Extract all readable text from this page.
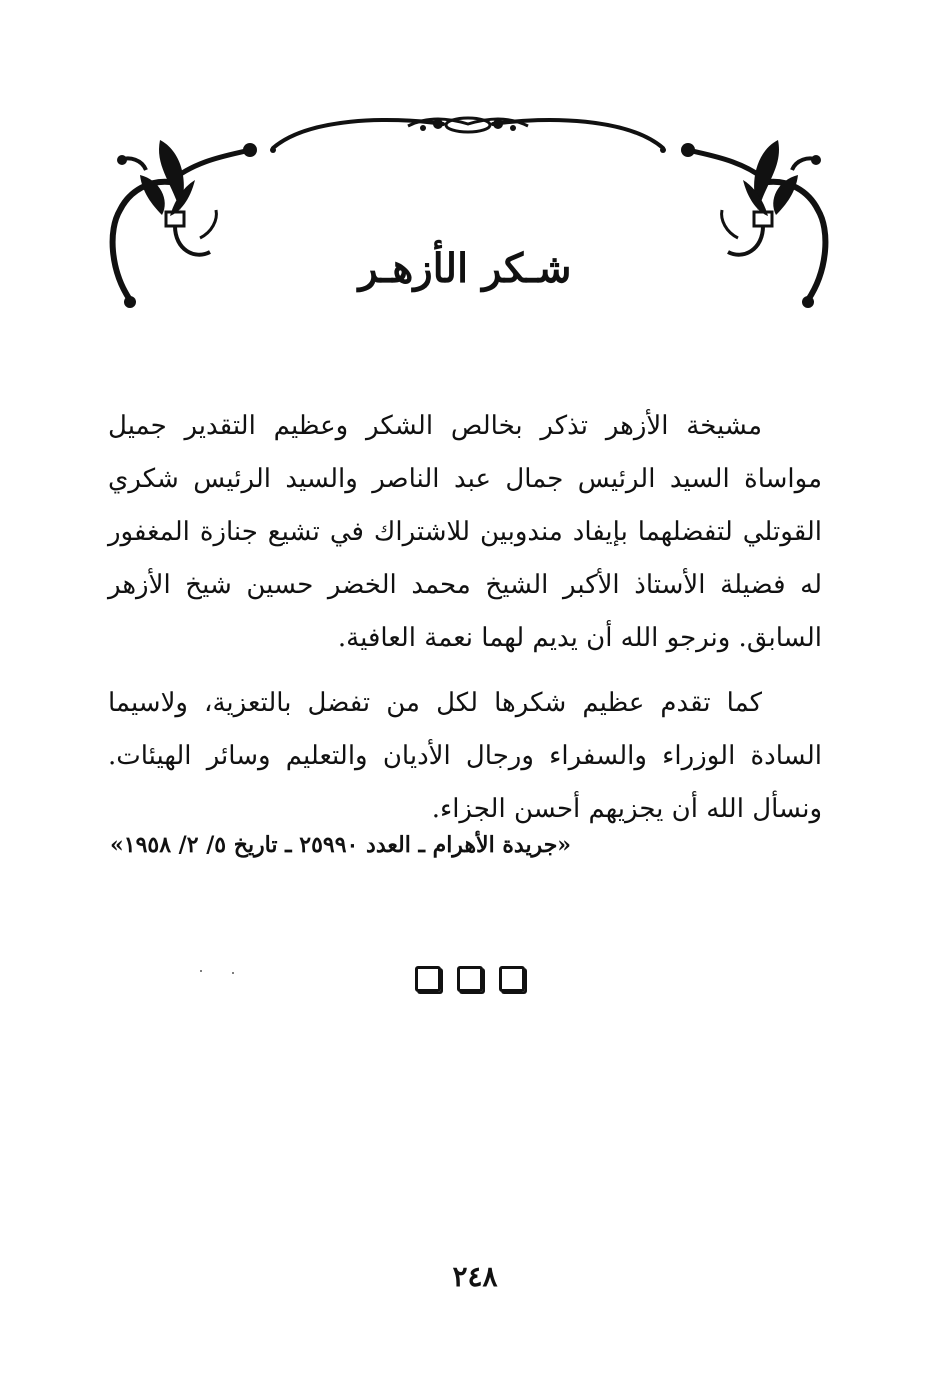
شـكر الأزهـر

مشيخة الأزهر تذكر بخالص الشكر وعظيم التقدير جميل مواساة السيد الرئيس جمال عبد الناصر والسيد الرئيس شكري القوتلي لتفضلهما بإيفاد مندوبين للاشتراك في تشيع جنازة المغفور له فضيلة الأستاذ الأكبر الشيخ محمد الخضر حسين شيخ الأزهر السابق. ونرجو الله أن يديم لهما نعمة العافية.

كما تقدم عظيم شكرها لكل من تفضل بالتعزية، ولاسيما السادة الوزراء والسفراء ورجال الأديان والتعليم وسائر الهيئات. ونسأل الله أن يجزيهم أحسن الجزاء.

«جريدة الأهرام ـ العدد ٢٥٩٩٠ ـ تاريخ ٥/ ٢/ ١٩٥٨»
٢٤٨
